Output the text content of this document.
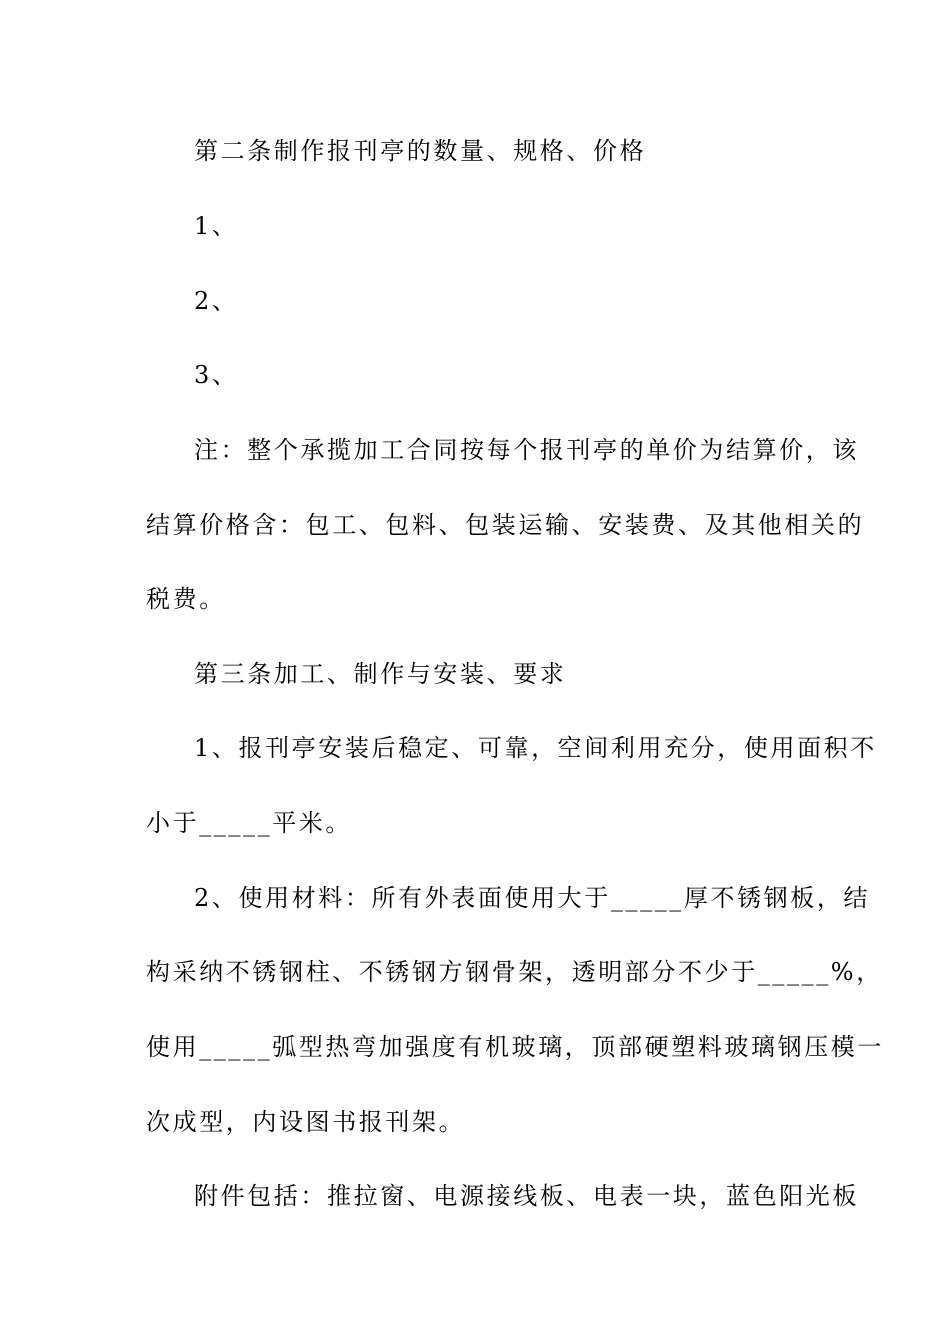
第二条制作报刊亭的数量、规格、价格
1、
2、
3、
注：整个承揽加工合同按每个报刊亭的单价为结算价，该
结算价格含：包工、包料、包装运输、安装费、及其他相关的
税费。
第三条加工、制作与安装、要求
1、报刊亭安装后稳定、可靠，空间利用充分，使用面积不
小于_____平米。
2、使用材料：所有外表面使用大于_____厚不锈钢板，结
构采纳不锈钢柱、不锈钢方钢骨架，透明部分不少于_____%，
使用_____弧型热弯加强度有机玻璃，顶部硬塑料玻璃钢压模一
次成型，内设图书报刊架。
附件包括：推拉窗、电源接线板、电表一块，蓝色阳光板
